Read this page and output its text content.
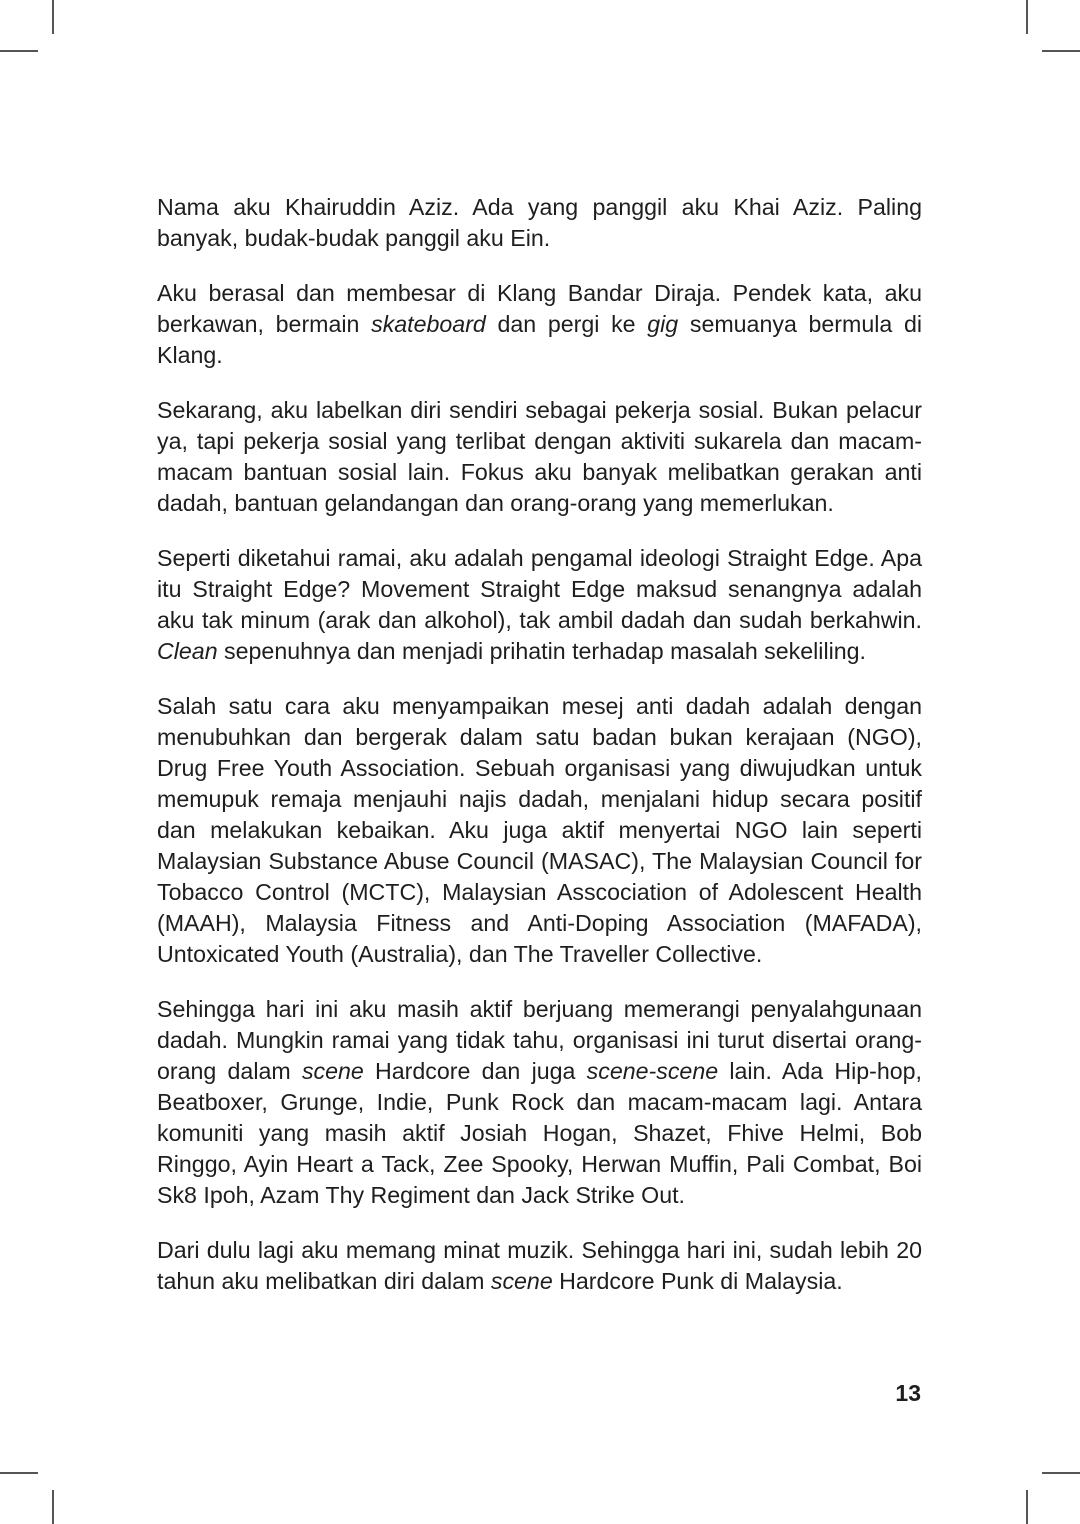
Nama aku Khairuddin Aziz. Ada yang panggil aku Khai Aziz. Paling banyak, budak-budak panggil aku Ein.

Aku berasal dan membesar di Klang Bandar Diraja. Pendek kata, aku berkawan, bermain skateboard dan pergi ke gig semuanya bermula di Klang.

Sekarang, aku labelkan diri sendiri sebagai pekerja sosial. Bukan pelacur ya, tapi pekerja sosial yang terlibat dengan aktiviti sukarela dan macam-macam bantuan sosial lain. Fokus aku banyak melibatkan gerakan anti dadah, bantuan gelandangan dan orang-orang yang memerlukan.

Seperti diketahui ramai, aku adalah pengamal ideologi Straight Edge. Apa itu Straight Edge? Movement Straight Edge maksud senangnya adalah aku tak minum (arak dan alkohol), tak ambil dadah dan sudah berkahwin. Clean sepenuhnya dan menjadi prihatin terhadap masalah sekeliling.

Salah satu cara aku menyampaikan mesej anti dadah adalah dengan menubuhkan dan bergerak dalam satu badan bukan kerajaan (NGO), Drug Free Youth Association. Sebuah organisasi yang diwujudkan untuk memupuk remaja menjauhi najis dadah, menjalani hidup secara positif dan melakukan kebaikan. Aku juga aktif menyertai NGO lain seperti Malaysian Substance Abuse Council (MASAC), The Malaysian Council for Tobacco Control (MCTC), Malaysian Asscociation of Adolescent Health (MAAH), Malaysia Fitness and Anti-Doping Association (MAFADA), Untoxicated Youth (Australia), dan The Traveller Collective.

Sehingga hari ini aku masih aktif berjuang memerangi penyalahgunaan dadah. Mungkin ramai yang tidak tahu, organisasi ini turut disertai orang-orang dalam scene Hardcore dan juga scene-scene lain. Ada Hip-hop, Beatboxer, Grunge, Indie, Punk Rock dan macam-macam lagi. Antara komuniti yang masih aktif Josiah Hogan, Shazet, Fhive Helmi, Bob Ringgo, Ayin Heart a Tack, Zee Spooky, Herwan Muffin, Pali Combat, Boi Sk8 Ipoh, Azam Thy Regiment dan Jack Strike Out.

Dari dulu lagi aku memang minat muzik. Sehingga hari ini, sudah lebih 20 tahun aku melibatkan diri dalam scene Hardcore Punk di Malaysia.

13
